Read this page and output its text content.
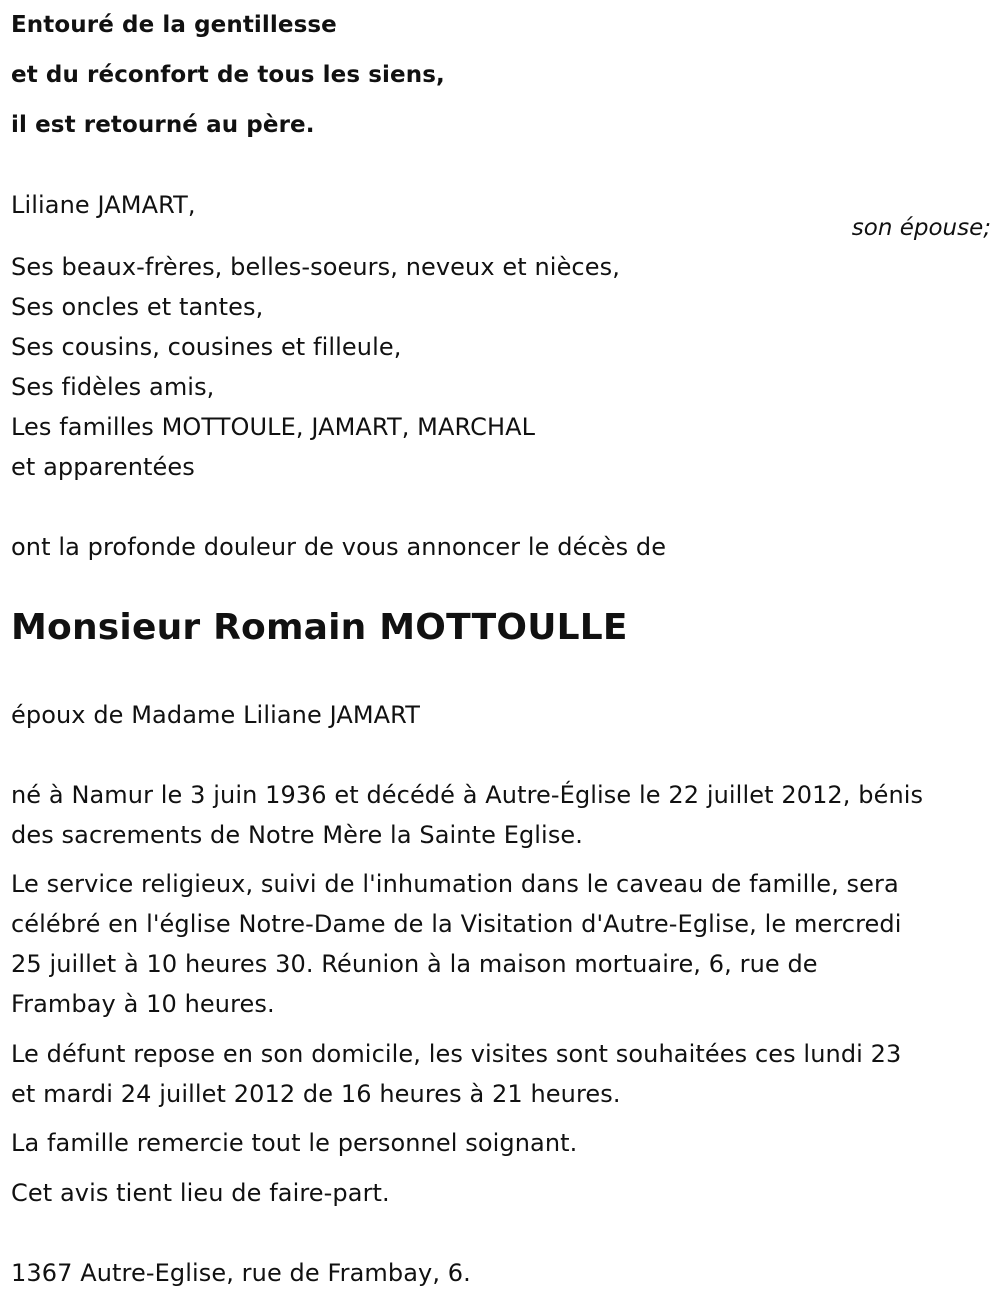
Entouré de la gentillesse
et du réconfort de tous les siens,
il est retourné au père.
Liliane JAMART,
son épouse;
Ses beaux-frères, belles-soeurs, neveux et nièces,
Ses oncles et tantes,
Ses cousins, cousines et filleule,
Ses fidèles amis,
Les familles MOTTOULE, JAMART, MARCHAL
et apparentées
ont la profonde douleur de vous annoncer le décès de
Monsieur Romain MOTTOULLE
époux de Madame Liliane JAMART
né à Namur le 3 juin 1936 et décédé à Autre-Église le 22 juillet 2012, bénis
des sacrements de Notre Mère la Sainte Eglise.
Le service religieux, suivi de l'inhumation dans le caveau de famille, sera
célébré en l'église Notre-Dame de la Visitation d'Autre-Eglise, le mercredi
25 juillet à 10 heures 30. Réunion à la maison mortuaire, 6, rue de
Frambay à 10 heures.
Le défunt repose en son domicile, les visites sont souhaitées ces lundi 23
et mardi 24 juillet 2012 de 16 heures à 21 heures.
La famille remercie tout le personnel soignant.
Cet avis tient lieu de faire-part.
1367 Autre-Eglise, rue de Frambay, 6.
